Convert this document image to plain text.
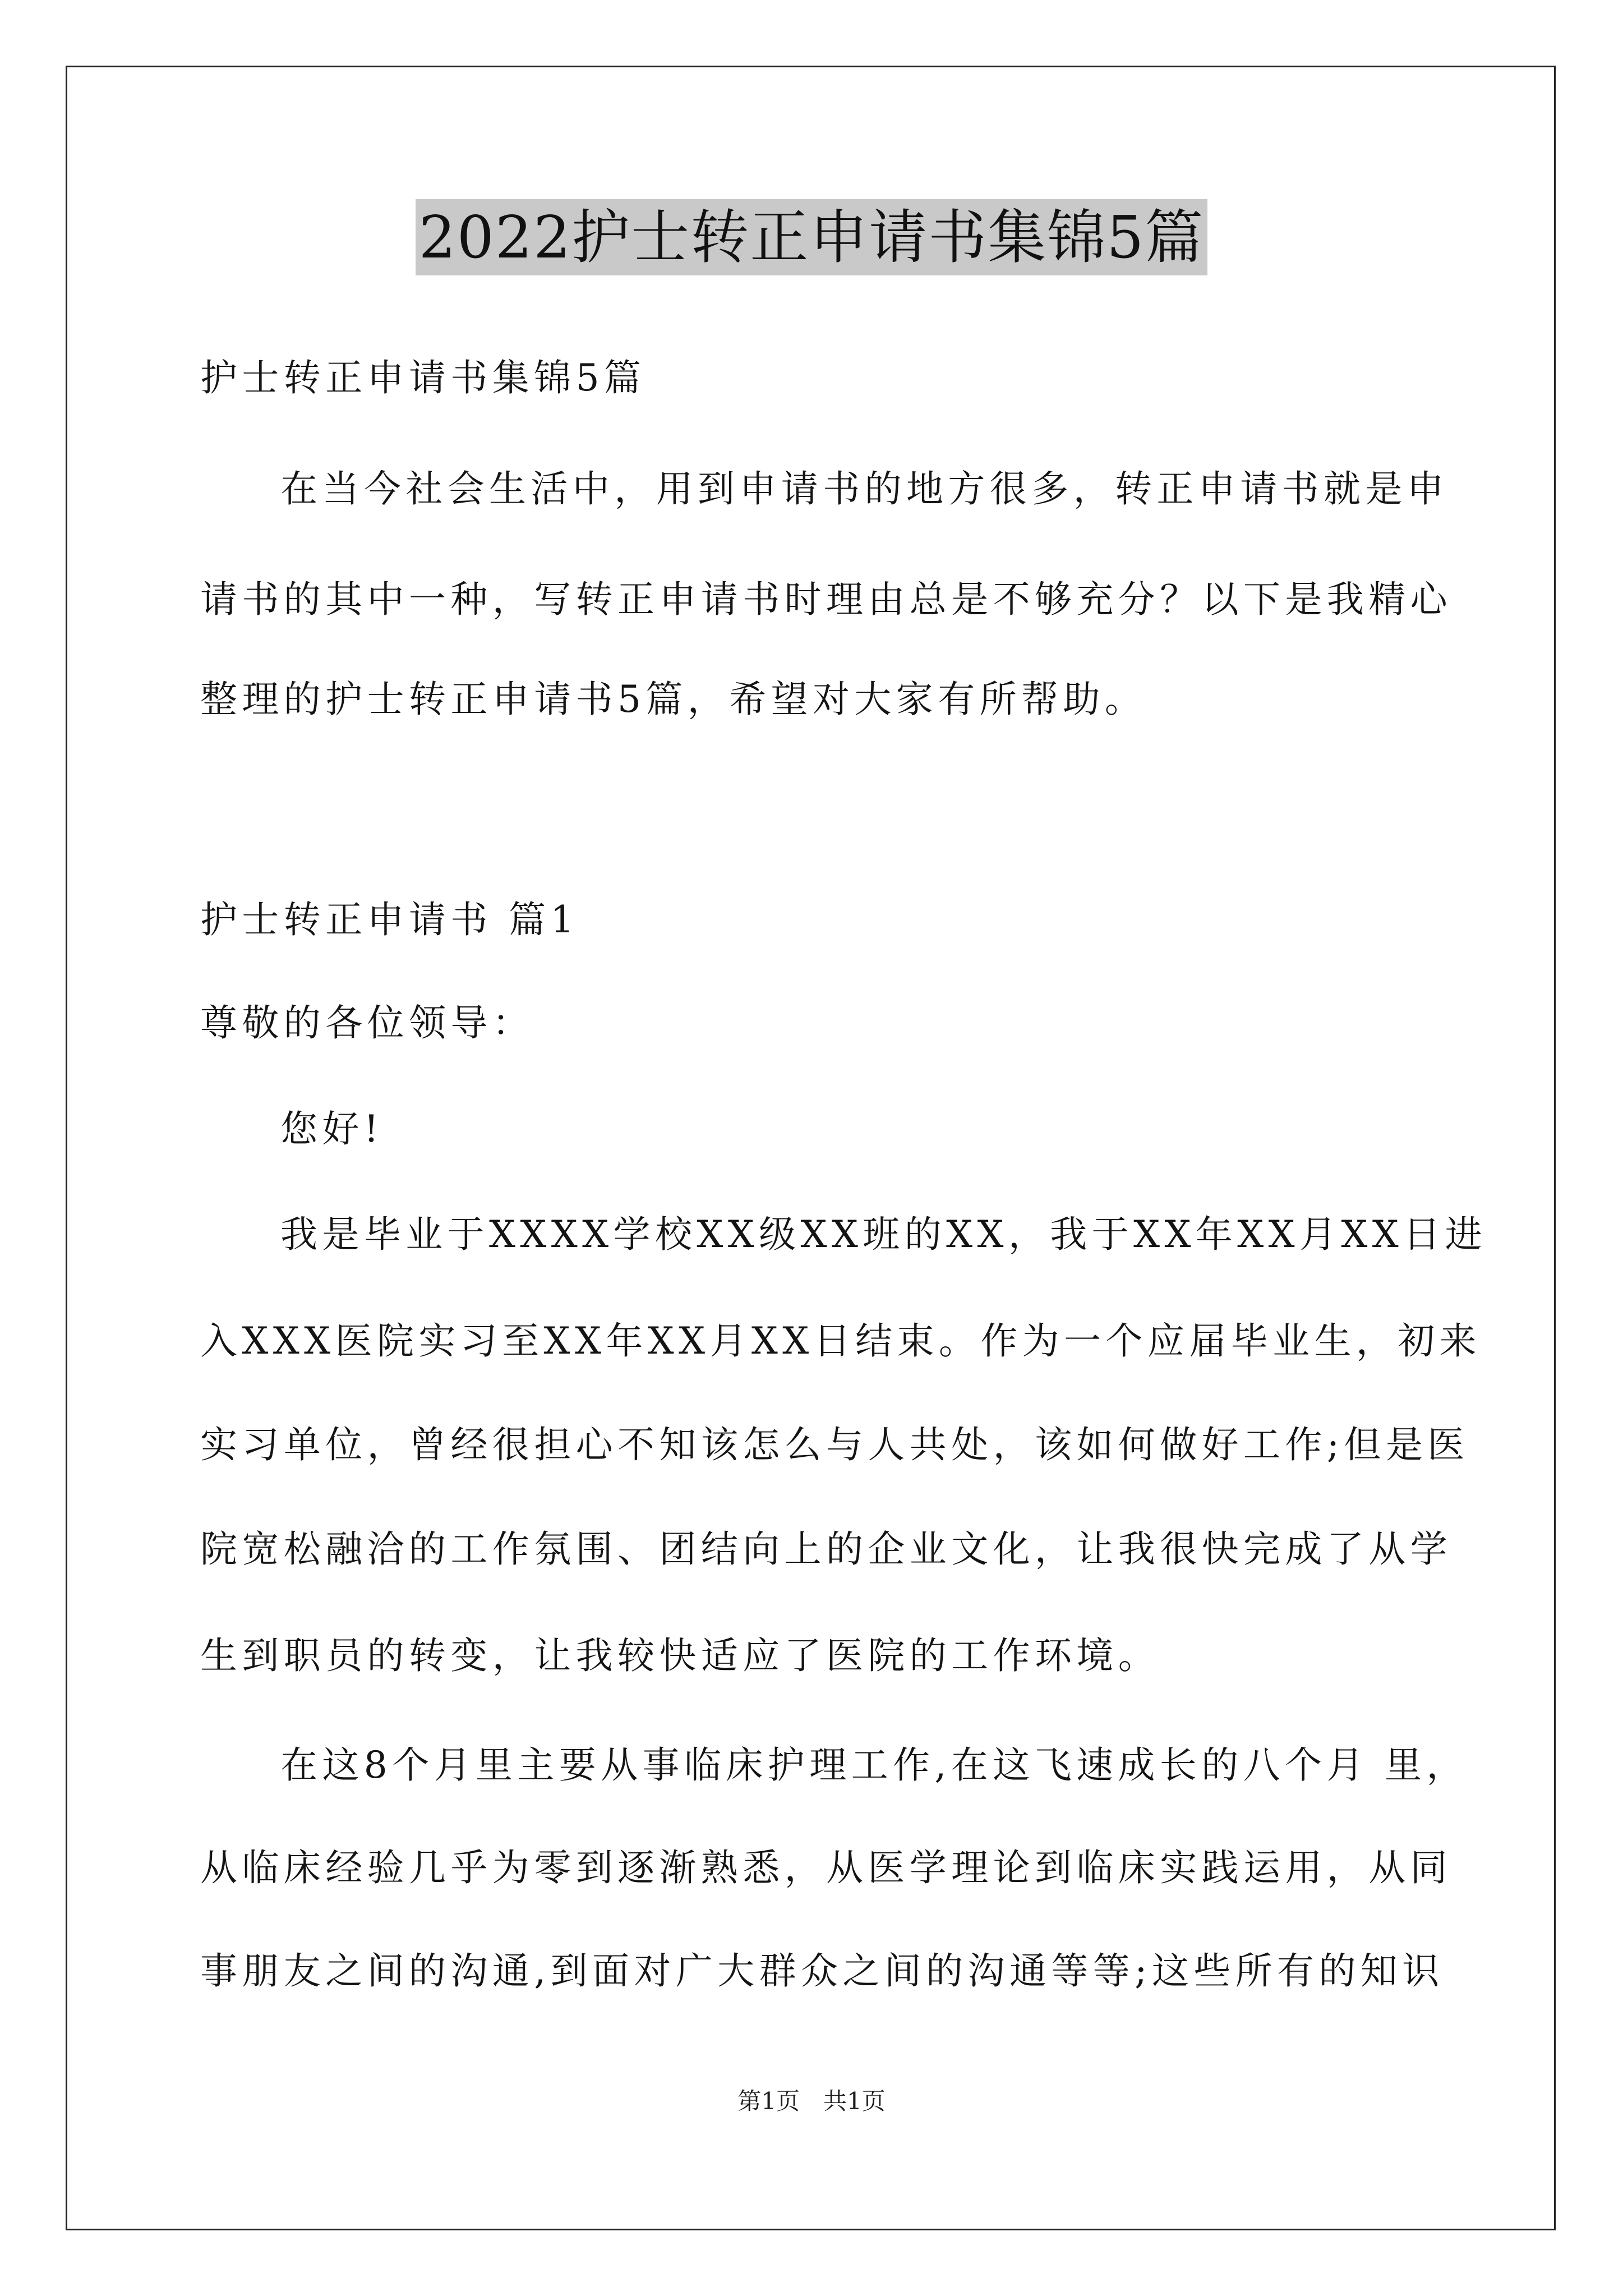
2022护士转正申请书集锦5篇
护士转正申请书集锦5篇
在当今社会生活中，用到申请书的地方很多，转正申请书就是申
请书的其中一种，写转正申请书时理由总是不够充分？以下是我精心
整理的护士转正申请书5篇，希望对大家有所帮助。
护士转正申请书 篇1
尊敬的各位领导：
您好!
我是毕业于XXXX学校XX级XX班的XX，我于XX年XX月XX日进
入XXX医院实习至XX年XX月XX日结束。作为一个应届毕业生，初来
实习单位，曾经很担心不知该怎么与人共处，该如何做好工作;但是医
院宽松融洽的工作氛围、团结向上的企业文化，让我很快完成了从学
生到职员的转变，让我较快适应了医院的工作环境。
在这8个月里主要从事临床护理工作,在这飞速成长的八个月 里，
从临床经验几乎为零到逐渐熟悉，从医学理论到临床实践运用，从同
事朋友之间的沟通,到面对广大群众之间的沟通等等;这些所有的知识
第1页　共1页
